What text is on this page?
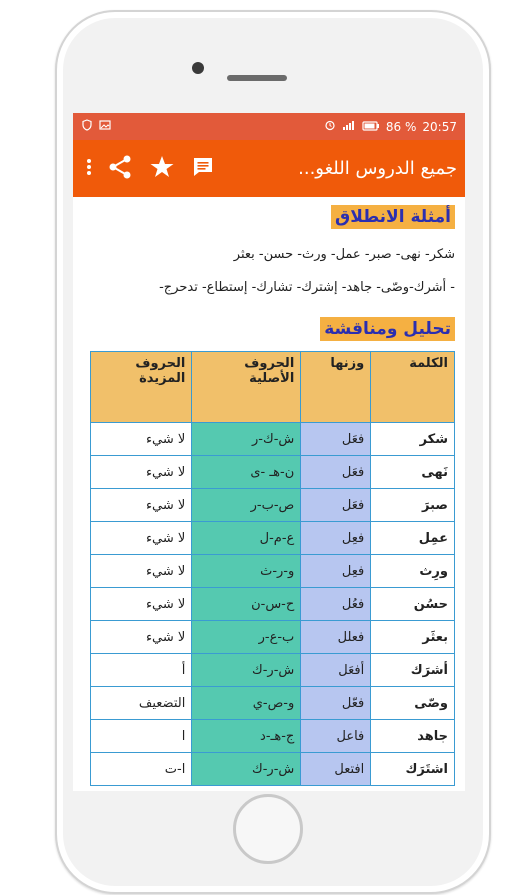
86 % 20:57
جميع الدروس اللغو...
أمثلة الانطلاق

شكر- نهى- صبر- عمل- ورث- حسن- بعثر

- أشرك-وصّى- جاهد- إشترك- تشارك- إستطاع- تدحرج-

تحليل ومناقشة
الكلمة	وزنها	الحروف الأصلية	الحروف المزيدة
شكر	فعَل	ش-ك-ر	لا شيء
نَهى	فعَل	ن-هـ -ى	لا شيء
صبرَ	فعَل	ص-ب-ر	لا شيء
عمِل	فعِل	ع-م-ل	لا شيء
ورِث	فعِل	و-ر-ث	لا شيء
حسُن	فعُل	ح-س-ن	لا شيء
بعثَر	فعلل	ب-ع-ر	لا شيء
أشرَك	أفعَل	ش-ر-ك	أ
وصّى	فعّل	و-ص-ي	التضعيف
جاهد	فاعل	ج-هـ-د	ا
اشتَرَك	افتعل	ش-ر-ك	ا-ت
